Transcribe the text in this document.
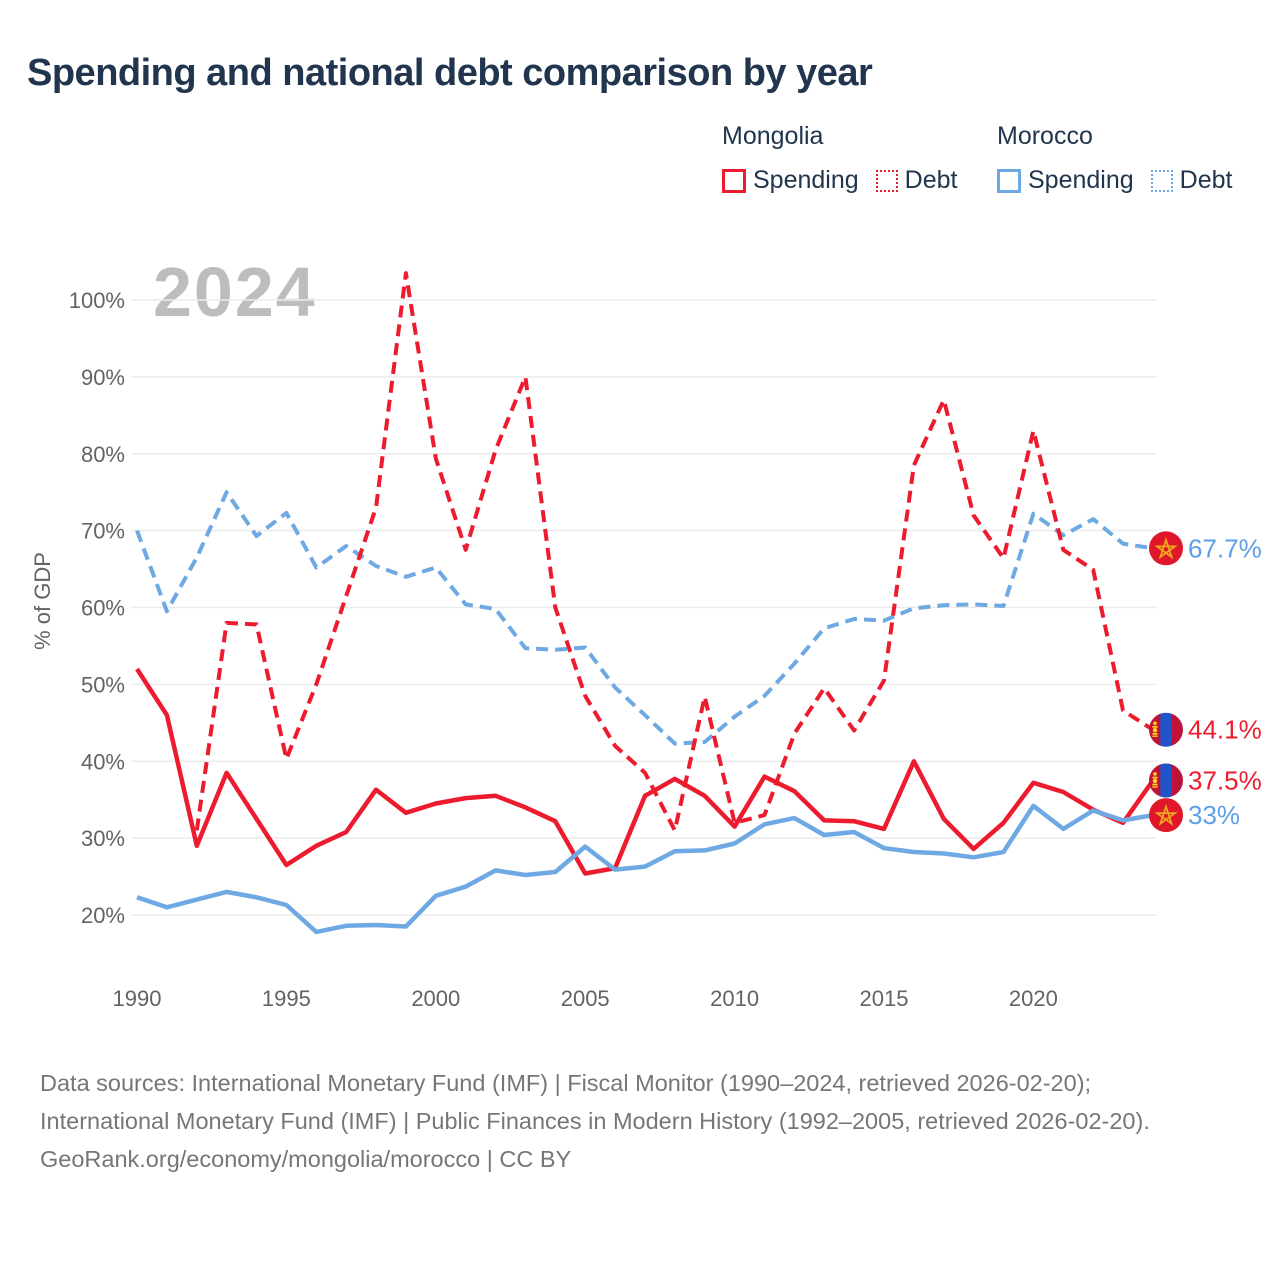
Spending and national debt comparison by year
Mongolia
Spending Debt
Morocco
Spending Debt
2024
% of GDP
20%
30%
40%
50%
60%
70%
80%
90%
100%
1990	1995	2000	2005	2010	2015	2020
67.7%
44.1%
37.5%
33%

Data sources: International Monetary Fund (IMF) | Fiscal Monitor (1990–2024, retrieved 2026-02-20); International Monetary Fund (IMF) | Public Finances in Modern History (1992–2005, retrieved 2026-02-20).

GeoRank.org/economy/mongolia/morocco | CC BY
